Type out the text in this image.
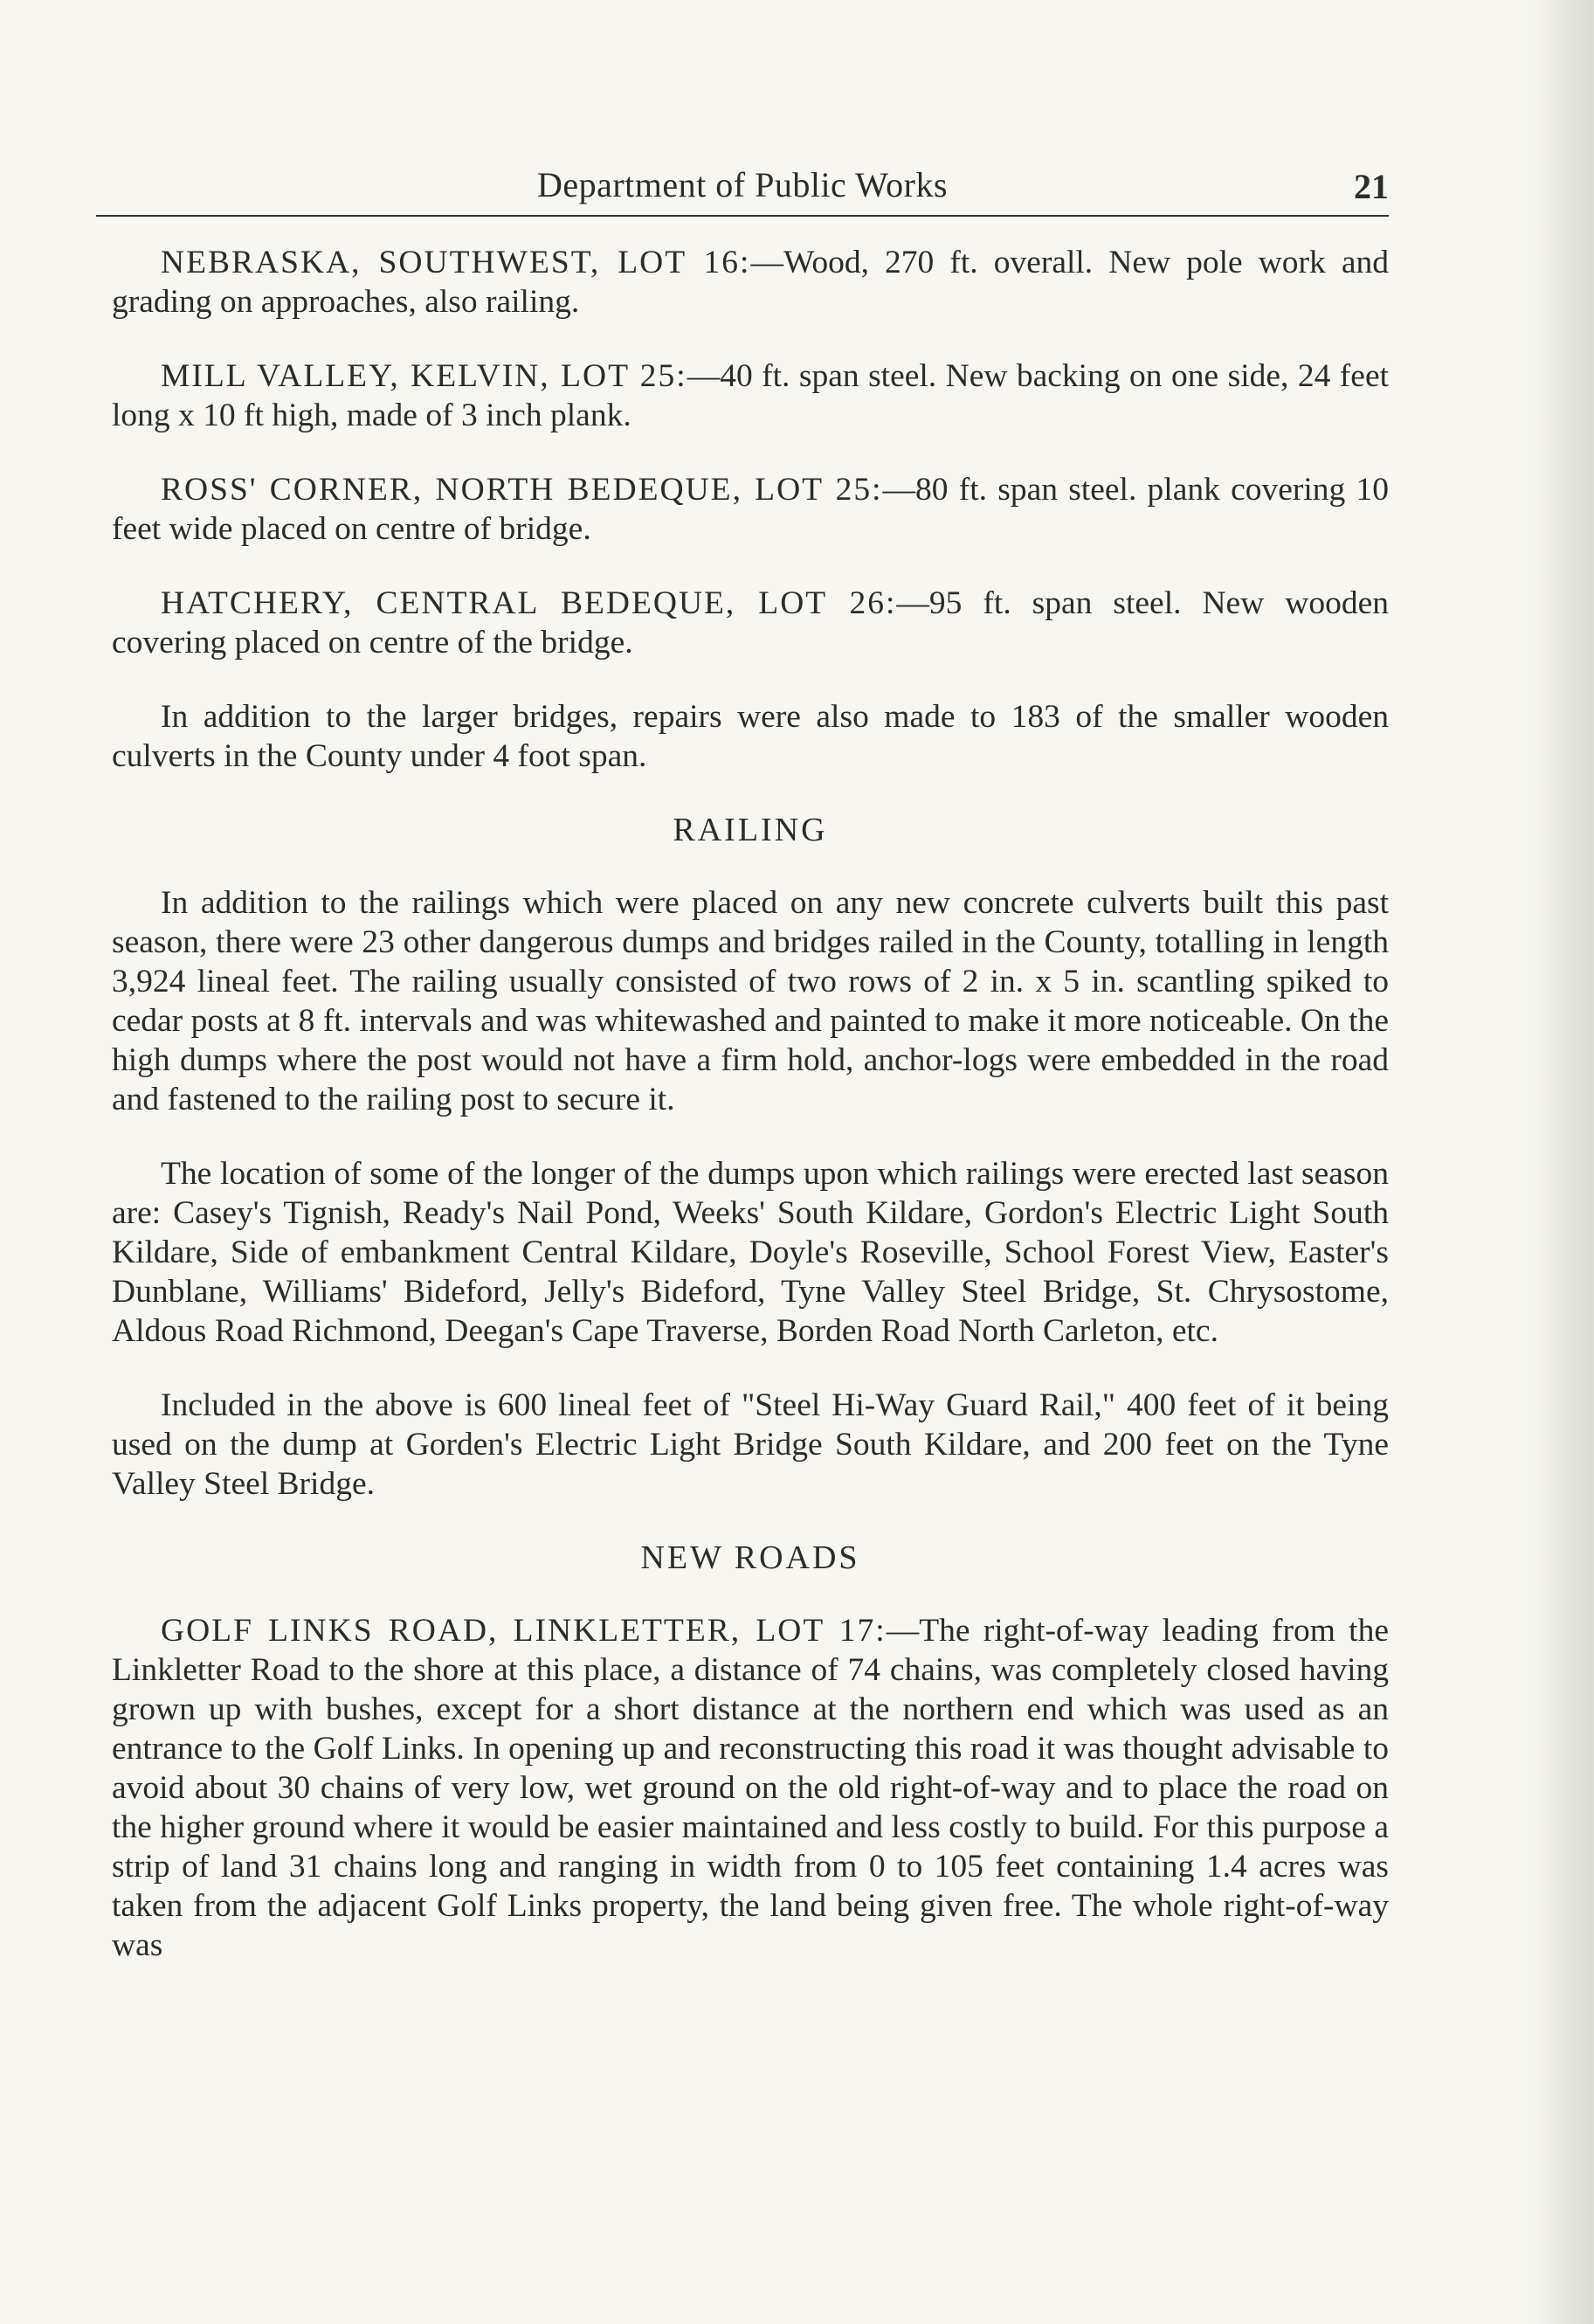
Department of Public Works	21

NEBRASKA, SOUTHWEST, LOT 16:—Wood, 270 ft. overall. New pole work and grading on approaches, also railing.

MILL VALLEY, KELVIN, LOT 25:—40 ft. span steel. New backing on one side, 24 feet long x 10 ft high, made of 3 inch plank.

ROSS' CORNER, NORTH BEDEQUE, LOT 25:—80 ft. span steel. plank covering 10 feet wide placed on centre of bridge.

HATCHERY, CENTRAL BEDEQUE, LOT 26:—95 ft. span steel. New wooden covering placed on centre of the bridge.

In addition to the larger bridges, repairs were also made to 183 of the smaller wooden culverts in the County under 4 foot span.

RAILING

In addition to the railings which were placed on any new concrete culverts built this past season, there were 23 other dangerous dumps and bridges railed in the County, totalling in length 3,924 lineal feet. The railing usually consisted of two rows of 2 in. x 5 in. scantling spiked to cedar posts at 8 ft. intervals and was whitewashed and painted to make it more noticeable. On the high dumps where the post would not have a firm hold, anchor-logs were embedded in the road and fastened to the railing post to secure it.

The location of some of the longer of the dumps upon which railings were erected last season are: Casey's Tignish, Ready's Nail Pond, Weeks' South Kildare, Gordon's Electric Light South Kildare, Side of embankment Central Kildare, Doyle's Roseville, School Forest View, Easter's Dunblane, Williams' Bideford, Jelly's Bideford, Tyne Valley Steel Bridge, St. Chrysostome, Aldous Road Richmond, Deegan's Cape Traverse, Borden Road North Carleton, etc.

Included in the above is 600 lineal feet of "Steel Hi-Way Guard Rail," 400 feet of it being used on the dump at Gorden's Electric Light Bridge South Kildare, and 200 feet on the Tyne Valley Steel Bridge.

NEW ROADS

GOLF LINKS ROAD, LINKLETTER, LOT 17:—The right-of-way leading from the Linkletter Road to the shore at this place, a distance of 74 chains, was completely closed having grown up with bushes, except for a short distance at the northern end which was used as an entrance to the Golf Links. In opening up and reconstructing this road it was thought advisable to avoid about 30 chains of very low, wet ground on the old right-of-way and to place the road on the higher ground where it would be easier maintained and less costly to build. For this purpose a strip of land 31 chains long and ranging in width from 0 to 105 feet containing 1.4 acres was taken from the adjacent Golf Links property, the land being given free. The whole right-of-way was
